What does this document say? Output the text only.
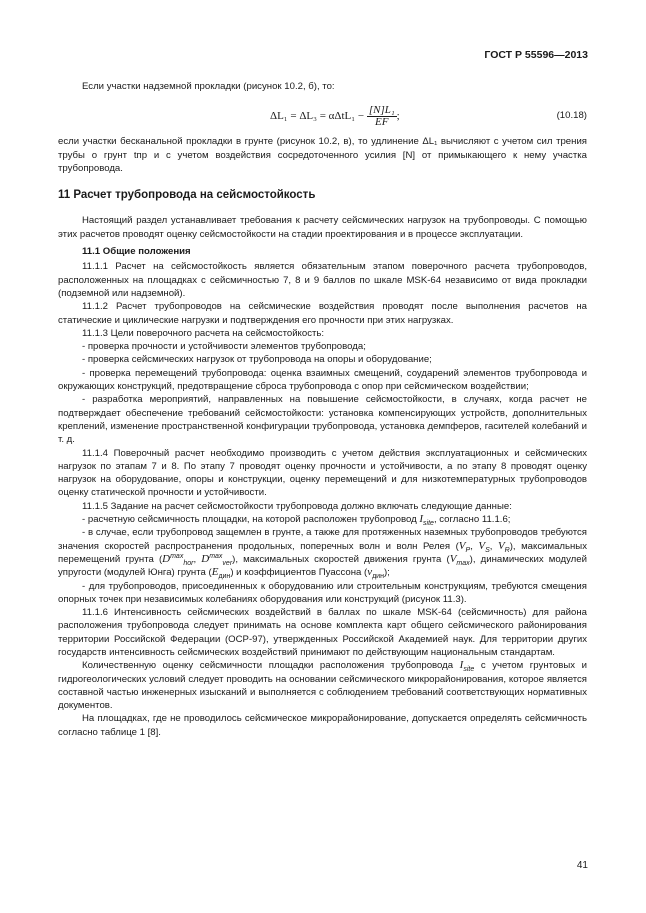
ГОСТ Р 55596—2013

Если участки надземной прокладки (рисунок 10.2, б), то:

$\Delta L_1 = \Delta L_3 = \alpha\Delta tL_1 - \frac{\text{[N]L₁}}{EF}$ ;	(10.18)

если участки бесканальной прокладки в грунте (рисунок 10.2, в), то удлинение ΔL₁ вычисляют с учетом сил трения трубы о грунт tпр и с учетом воздействия сосредоточенного усилия [N] от примыкающего к нему участка трубопровода.

11 Расчет трубопровода на сейсмостойкость

Настоящий раздел устанавливает требования к расчету сейсмических нагрузок на трубопроводы. С помощью этих расчетов проводят оценку сейсмостойкости на стадии проектирования и в процессе эксплуатации.

11.1 Общие положения

11.1.1 Расчет на сейсмостойкость является обязательным этапом поверочного расчета трубопроводов, расположенных на площадках с сейсмичностью 7, 8 и 9 баллов по шкале MSK-64 независимо от вида прокладки (подземной или надземной).

11.1.2 Расчет трубопроводов на сейсмические воздействия проводят после выполнения расчетов на статические и циклические нагрузки и подтверждения его прочности при этих нагрузках.

11.1.3 Цели поверочного расчета на сейсмостойкость:

- проверка прочности и устойчивости элементов трубопровода;

- проверка сейсмических нагрузок от трубопровода на опоры и оборудование;

- проверка перемещений трубопровода: оценка взаимных смещений, соударений элементов трубопровода и окружающих конструкций, предотвращение сброса трубопровода с опор при сейсмическом воздействии;

- разработка мероприятий, направленных на повышение сейсмостойкости, в случаях, когда расчет не подтверждает обеспечение требований сейсмостойкости: установка компенсирующих устройств, дополнительных креплений, изменение пространственной конфигурации трубопровода, установка демпферов, гасителей колебаний и т. д.

11.1.4 Поверочный расчет необходимо производить с учетом действия эксплуатационных и сейсмических нагрузок по этапам 7 и 8. По этапу 7 проводят оценку прочности и устойчивости, а по этапу 8 проводят оценку нагрузок на оборудование, опоры и конструкции, оценку перемещений и для низкотемпературных трубопроводов оценку статической прочности и устойчивости.

11.1.5 Задание на расчет сейсмостойкости трубопровода должно включать следующие данные:

- расчетную сейсмичность площадки, на которой расположен трубопровод $I_{site}$, согласно 11.1.6;

- в случае, если трубопровод защемлен в грунте, а также для протяженных наземных трубопроводов требуются значения скоростей распространения продольных, поперечных волн и волн Релея ($V_P$, $V_S$, $V_R$), максимальных перемещений грунта ($D^{max}_{hor}$, $D^{max}_{ver}$), максимальных скоростей движения грунта $(V_{max})$, динамических модулей упругости (модулей Юнга) грунта $(E_{дин})$ и коэффициентов Пуассона $(\nu_{дин})$;

- для трубопроводов, присоединенных к оборудованию или строительным конструкциям, требуются смещения опорных точек при независимых колебаниях оборудования или конструкций (рисунок 11.3).

11.1.6 Интенсивность сейсмических воздействий в баллах по шкале MSK-64 (сейсмичность) для района расположения трубопровода следует принимать на основе комплекта карт общего сейсмического районирования территории Российской Федерации (ОСР-97), утвержденных Российской Академией наук. Для территории других государств интенсивность сейсмических воздействий принимают по действующим национальным стандартам.

Количественную оценку сейсмичности площадки расположения трубопровода $I_{site}$ с учетом грунтовых и гидрогеологических условий следует проводить на основании сейсмического микрорайонирования, которое является составной частью инженерных изысканий и выполняется с соблюдением требований соответствующих нормативных документов.

На площадках, где не проводилось сейсмическое микрорайонирование, допускается определять сейсмичность согласно таблице 1 [8].

41
